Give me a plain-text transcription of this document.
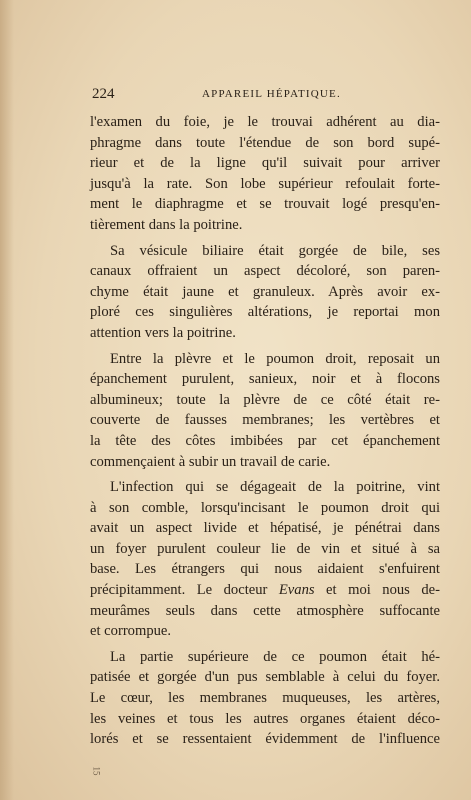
224	APPAREIL HÉPATIQUE.
l'examen du foie, je le trouvai adhérent au dia-
phragme dans toute l'étendue de son bord supé-
rieur et de la ligne qu'il suivait pour arriver
jusqu'à la rate. Son lobe supérieur refoulait forte-
ment le diaphragme et se trouvait logé presqu'en-
tièrement dans la poitrine.
Sa vésicule biliaire était gorgée de bile, ses
canaux offraient un aspect décoloré, son paren-
chyme était jaune et granuleux. Après avoir ex-
ploré ces singulières altérations, je reportai mon
attention vers la poitrine.
Entre la plèvre et le poumon droit, reposait un
épanchement purulent, sanieux, noir et à flocons
albumineux; toute la plèvre de ce côté était re-
couverte de fausses membranes; les vertèbres et
la tête des côtes imbibées par cet épanchement
commençaient à subir un travail de carie.
L'infection qui se dégageait de la poitrine, vint
à son comble, lorsqu'incisant le poumon droit qui
avait un aspect livide et hépatisé, je pénétrai dans
un foyer purulent couleur lie de vin et situé à sa
base. Les étrangers qui nous aidaient s'enfuirent
précipitamment. Le docteur Evans et moi nous de-
meurâmes seuls dans cette atmosphère suffocante
et corrompue.
La partie supérieure de ce poumon était hé-
patisée et gorgée d'un pus semblable à celui du foyer.
Le cœur, les membranes muqueuses, les artères,
les veines et tous les autres organes étaient déco-
lorés et se ressentaient évidemment de l'influence
15
